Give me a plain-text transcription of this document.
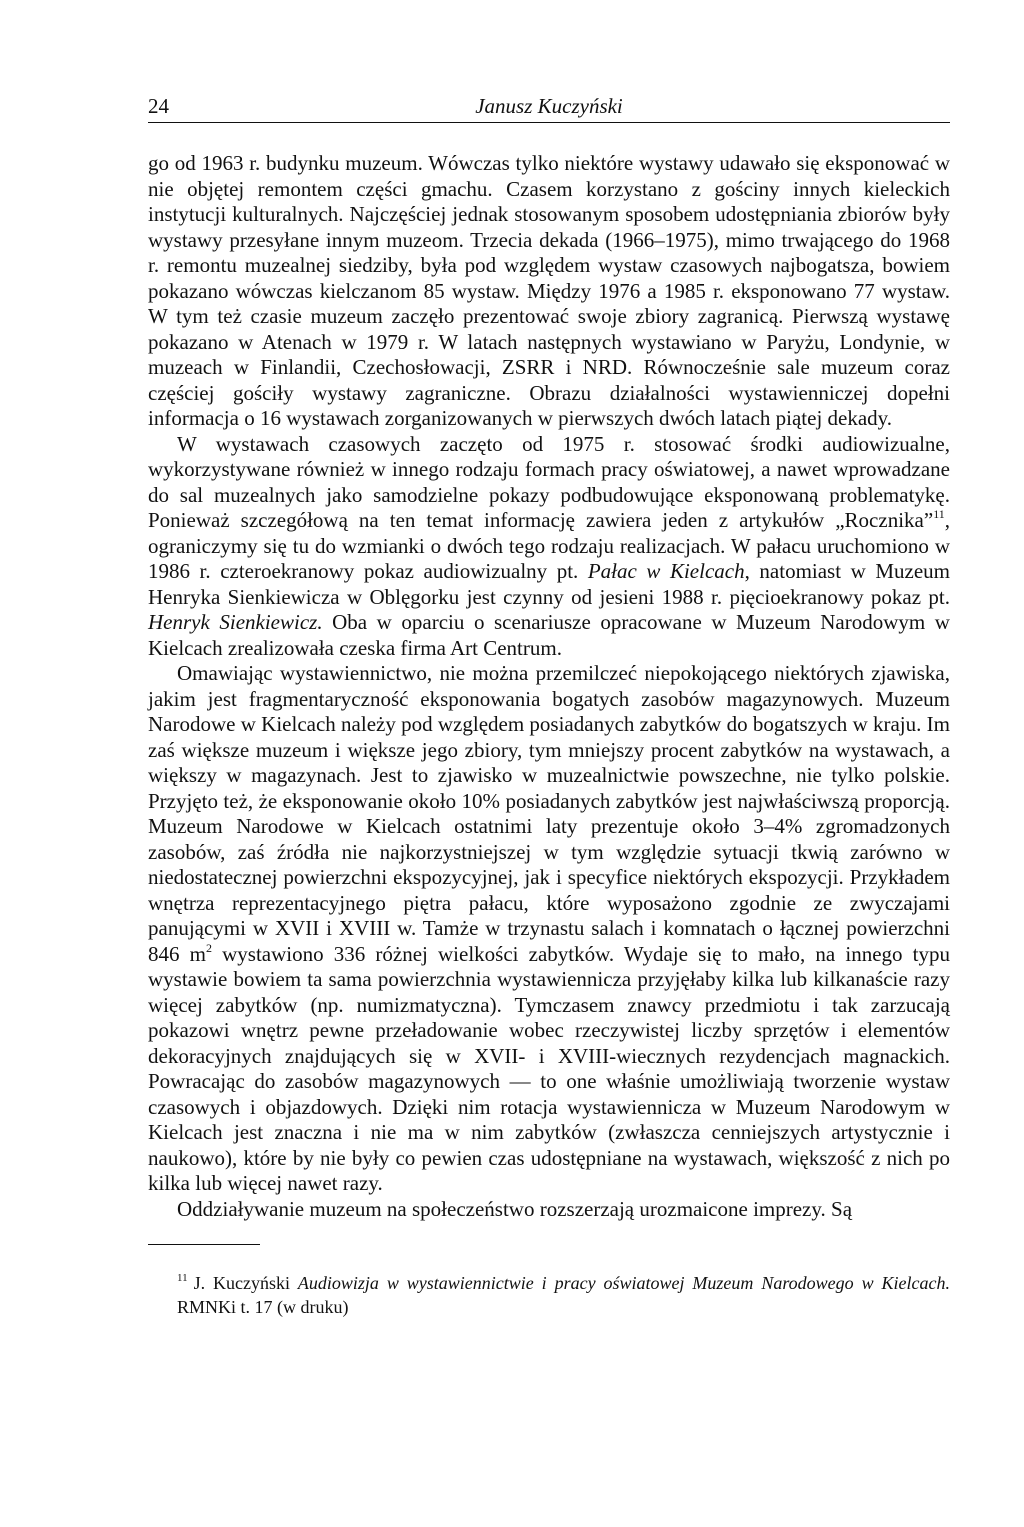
24	Janusz Kuczyński

go od 1963 r. budynku muzeum. Wówczas tylko niektóre wystawy udawało się eksponować w nie objętej remontem części gmachu. Czasem korzystano z gościny innych kieleckich instytucji kulturalnych. Najczęściej jednak stosowanym sposobem udostępniania zbiorów były wystawy przesyłane innym muzeom. Trzecia dekada (1966–1975), mimo trwającego do 1968 r. remontu muzealnej siedziby, była pod względem wystaw czasowych najbogatsza, bowiem pokazano wówczas kielczanom 85 wystaw. Między 1976 a 1985 r. eksponowano 77 wystaw. W tym też czasie muzeum zaczęło prezentować swoje zbiory zagranicą. Pierwszą wystawę pokazano w Atenach w 1979 r. W latach następnych wystawiano w Paryżu, Londynie, w muzeach w Finlandii, Czechosłowacji, ZSRR i NRD. Równocześnie sale muzeum coraz częściej gościły wystawy zagraniczne. Obrazu działalności wystawienniczej dopełni informacja o 16 wystawach zorganizowanych w pierwszych dwóch latach piątej dekady.

W wystawach czasowych zaczęto od 1975 r. stosować środki audiowizualne, wykorzystywane również w innego rodzaju formach pracy oświatowej, a nawet wprowadzane do sal muzealnych jako samodzielne pokazy podbudowujące eksponowaną problematykę. Ponieważ szczegółową na ten temat informację zawiera jeden z artykułów „Rocznika”$^{11}$, ograniczymy się tu do wzmianki o dwóch tego rodzaju realizacjach. W pałacu uruchomiono w 1986 r. czteroekranowy pokaz audiowizualny pt. Pałac w Kielcach, natomiast w Muzeum Henryka Sienkiewicza w Oblęgorku jest czynny od jesieni 1988 r. pięcioekranowy pokaz pt. Henryk Sienkiewicz. Oba w oparciu o scenariusze opracowane w Muzeum Narodowym w Kielcach zrealizowała czeska firma Art Centrum.

Omawiając wystawiennictwo, nie można przemilczeć niepokojącego niektórych zjawiska, jakim jest fragmentaryczność eksponowania bogatych zasobów magazynowych. Muzeum Narodowe w Kielcach należy pod względem posiadanych zabytków do bogatszych w kraju. Im zaś większe muzeum i większe jego zbiory, tym mniejszy procent zabytków na wystawach, a większy w magazynach. Jest to zjawisko w muzealnictwie powszechne, nie tylko polskie. Przyjęto też, że eksponowanie około 10% posiadanych zabytków jest najwłaściwszą proporcją. Muzeum Narodowe w Kielcach ostatnimi laty prezentuje około 3–4% zgromadzonych zasobów, zaś źródła nie najkorzystniejszej w tym względzie sytuacji tkwią zarówno w niedostatecznej powierzchni ekspozycyjnej, jak i specyfice niektórych ekspozycji. Przykładem wnętrza reprezentacyjnego piętra pałacu, które wyposażono zgodnie ze zwyczajami panującymi w XVII i XVIII w. Tamże w trzynastu salach i komnatach o łącznej powierzchni 846 $m^2$ wystawiono 336 różnej wielkości zabytków. Wydaje się to mało, na innego typu wystawie bowiem ta sama powierzchnia wystawiennicza przyjęłaby kilka lub kilkanaście razy więcej zabytków (np. numizmatyczna). Tymczasem znawcy przedmiotu i tak zarzucają pokazowi wnętrz pewne przeładowanie wobec rzeczywistej liczby sprzętów i elementów dekoracyjnych znajdujących się w XVII- i XVIII-wiecznych rezydencjach magnackich. Powracając do zasobów magazynowych — to one właśnie umożliwiają tworzenie wystaw czasowych i objazdowych. Dzięki nim rotacja wystawiennicza w Muzeum Narodowym w Kielcach jest znaczna i nie ma w nim zabytków (zwłaszcza cenniejszych artystycznie i naukowo), które by nie były co pewien czas udostępniane na wystawach, większość z nich po kilka lub więcej nawet razy.

Oddziaływanie muzeum na społeczeństwo rozszerzają urozmaicone imprezy. Są

$^{11}$ J. Kuczyński Audiowizja w wystawiennictwie i pracy oświatowej Muzeum Narodowego w Kielcach. RMNKi t. 17 (w druku)
